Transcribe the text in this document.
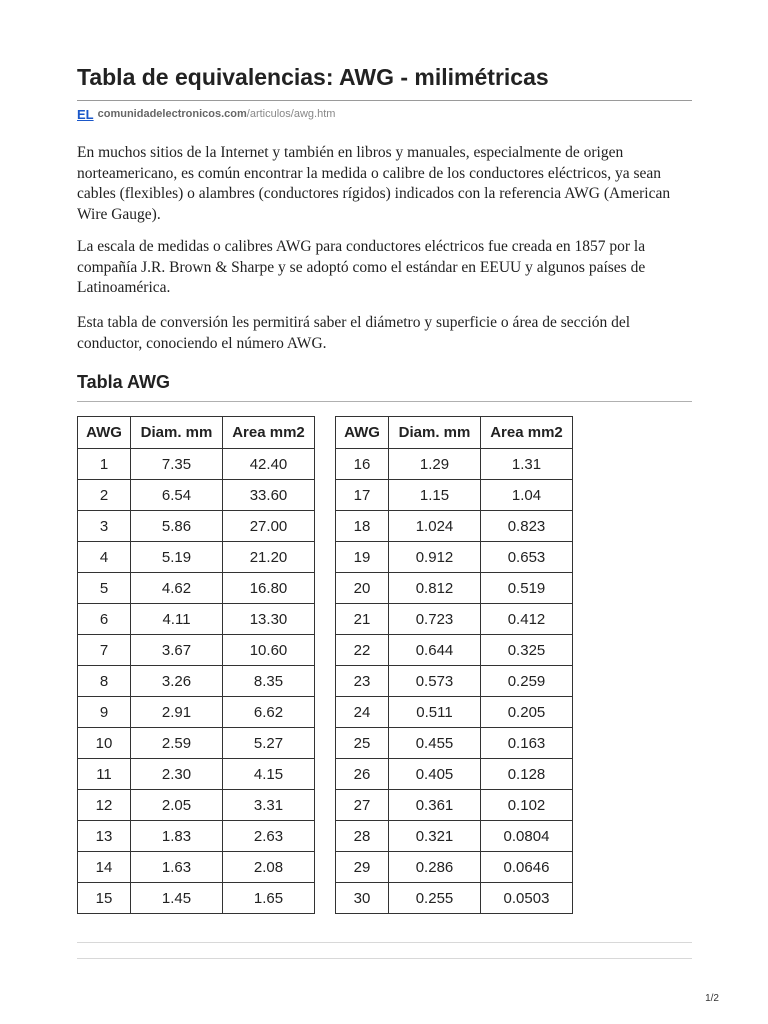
Tabla de equivalencias: AWG - milimétricas
EL comunidadelectronicos.com /articulos/awg.htm

En muchos sitios de la Internet y también en libros y manuales, especialmente de origen norteamericano, es común encontrar la medida o calibre de los conductores eléctricos, ya sean cables (flexibles) o alambres (conductores rígidos) indicados con la referencia AWG (American Wire Gauge).

La escala de medidas o calibres AWG para conductores eléctricos fue creada en 1857 por la compañía J.R. Brown & Sharpe y se adoptó como el estándar en EEUU y algunos países de Latinoamérica.

Esta tabla de conversión les permitirá saber el diámetro y superficie o área de sección del conductor, conociendo el número AWG.

Tabla AWG
AWG	Diam. mm	Area mm2
1	7.35	42.40
2	6.54	33.60
3	5.86	27.00
4	5.19	21.20
5	4.62	16.80
6	4.11	13.30
7	3.67	10.60
8	3.26	8.35
9	2.91	6.62
10	2.59	5.27
11	2.30	4.15
12	2.05	3.31
13	1.83	2.63
14	1.63	2.08
15	1.45	1.65
AWG	Diam. mm	Area mm2
16	1.29	1.31
17	1.15	1.04
18	1.024	0.823
19	0.912	0.653
20	0.812	0.519
21	0.723	0.412
22	0.644	0.325
23	0.573	0.259
24	0.511	0.205
25	0.455	0.163
26	0.405	0.128
27	0.361	0.102
28	0.321	0.0804
29	0.286	0.0646
30	0.255	0.0503
1/2
